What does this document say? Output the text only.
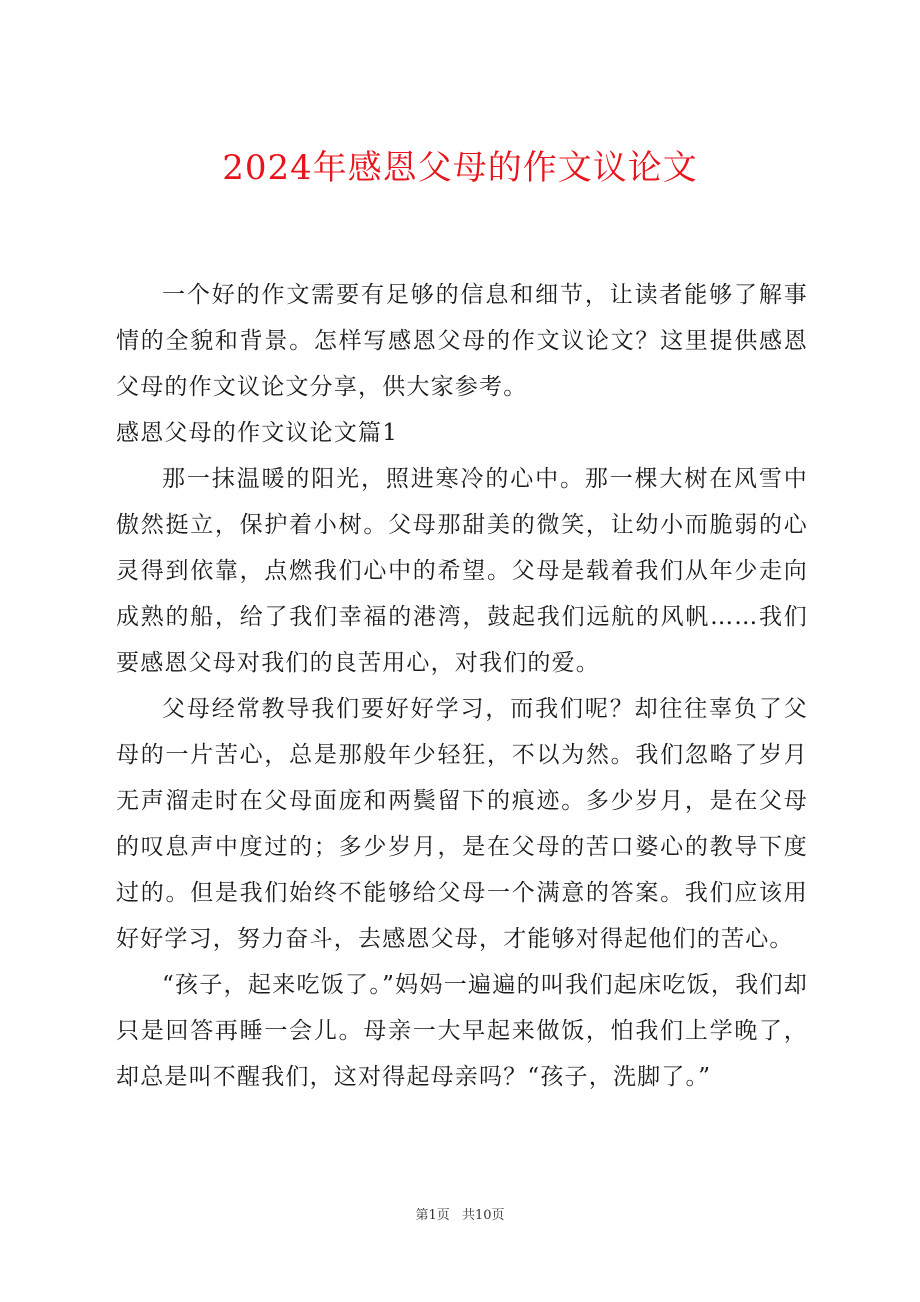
2024年感恩父母的作文议论文

一个好的作文需要有足够的信息和细节，让读者能够了解事情的全貌和背景。怎样写感恩父母的作文议论文？这里提供感恩父母的作文议论文分享，供大家参考。

感恩父母的作文议论文篇1

那一抹温暖的阳光，照进寒冷的心中。那一棵大树在风雪中傲然挺立，保护着小树。父母那甜美的微笑，让幼小而脆弱的心灵得到依靠，点燃我们心中的希望。父母是载着我们从年少走向成熟的船，给了我们幸福的港湾，鼓起我们远航的风帆……我们要感恩父母对我们的良苦用心，对我们的爱。

父母经常教导我们要好好学习，而我们呢？却往往辜负了父母的一片苦心，总是那般年少轻狂，不以为然。我们忽略了岁月无声溜走时在父母面庞和两鬓留下的痕迹。多少岁月，是在父母的叹息声中度过的；多少岁月，是在父母的苦口婆心的教导下度过的。但是我们始终不能够给父母一个满意的答案。我们应该用好好学习，努力奋斗，去感恩父母，才能够对得起他们的苦心。

“孩子，起来吃饭了。”妈妈一遍遍的叫我们起床吃饭，我们却只是回答再睡一会儿。母亲一大早起来做饭，怕我们上学晚了，却总是叫不醒我们，这对得起母亲吗？“孩子，洗脚了。”

第1页 共10页
